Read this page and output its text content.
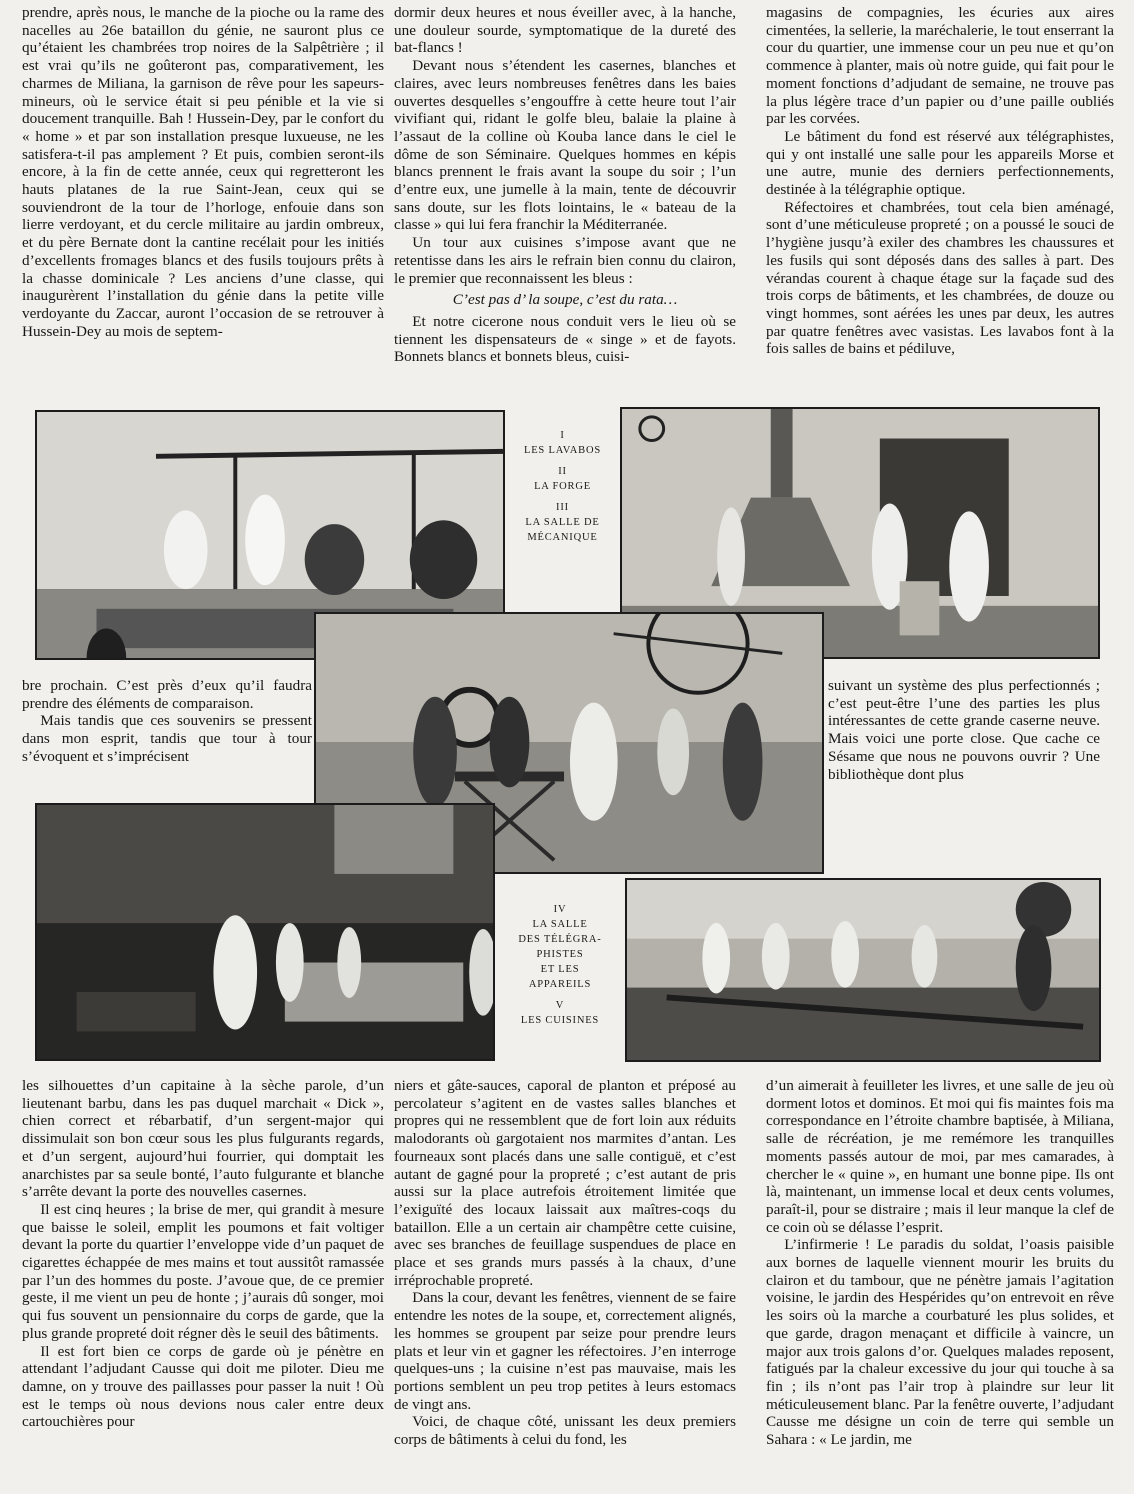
prendre, après nous, le manche de la pioche ou la rame des nacelles au 26e bataillon du génie, ne sauront plus ce qu’étaient les chambrées trop noires de la Salpêtrière ; il est vrai qu’ils ne goûteront pas, comparativement, les charmes de Miliana, la garnison de rêve pour les sapeurs-mineurs, où le service était si peu pénible et la vie si doucement tranquille. Bah ! Hussein-Dey, par le confort du « home » et par son installation presque luxueuse, ne les satisfera-t-il pas amplement ? Et puis, combien seront-ils encore, à la fin de cette année, ceux qui regretteront les hauts platanes de la rue Saint-Jean, ceux qui se souviendront de la tour de l’horloge, enfouie dans son lierre verdoyant, et du cercle militaire au jardin ombreux, et du père Bernate dont la cantine recélait pour les initiés d’excellents fromages blancs et des fusils toujours prêts à la chasse dominicale ? Les anciens d’une classe, qui inaugurèrent l’installation du génie dans la petite ville verdoyante du Zaccar, auront l’occasion de se retrouver à Hussein-Dey au mois de septem-

dormir deux heures et nous éveiller avec, à la hanche, une douleur sourde, symptomatique de la dureté des bat-flancs !

Devant nous s’étendent les casernes, blanches et claires, avec leurs nombreuses fenêtres dans les baies ouvertes desquelles s’engouffre à cette heure tout l’air vivifiant qui, ridant le golfe bleu, balaie la plaine à l’assaut de la colline où Kouba lance dans le ciel le dôme de son Séminaire. Quelques hommes en képis blancs prennent le frais avant la soupe du soir ; l’un d’entre eux, une jumelle à la main, tente de découvrir sans doute, sur les flots lointains, le « bateau de la classe » qui lui fera franchir la Méditerranée.

Un tour aux cuisines s’impose avant que ne retentisse dans les airs le refrain bien connu du clairon, le premier que reconnaissent les bleus :

C’est pas d’ la soupe, c’est du rata…

Et notre cicerone nous conduit vers le lieu où se tiennent les dispensateurs de « singe » et de fayots. Bonnets blancs et bonnets bleus, cuisi-

magasins de compagnies, les écuries aux aires cimentées, la sellerie, la maréchalerie, le tout enserrant la cour du quartier, une immense cour un peu nue et qu’on commence à planter, mais où notre guide, qui fait pour le moment fonctions d’adjudant de semaine, ne trouve pas la plus légère trace d’un papier ou d’une paille oubliés par les corvées.

Le bâtiment du fond est réservé aux télégraphistes, qui y ont installé une salle pour les appareils Morse et une autre, munie des derniers perfectionnements, destinée à la télégraphie optique.

Réfectoires et chambrées, tout cela bien aménagé, sont d’une méticuleuse propreté ; on a poussé le souci de l’hygiène jusqu’à exiler des chambres les chaussures et les fusils qui sont déposés dans des salles à part. Des vérandas courent à chaque étage sur la façade sud des trois corps de bâtiments, et les chambrées, de douze ou vingt hommes, sont aérées les unes par deux, les autres par quatre fenêtres avec vasistas. Les lavabos font à la fois salles de bains et pédiluve,

I
LES LAVABOS
II
LA FORGE
III
LA SALLE DE
MÉCANIQUE

bre prochain. C’est près d’eux qu’il faudra prendre des éléments de comparaison.

Mais tandis que ces souvenirs se pressent dans mon esprit, tandis que tour à tour s’évoquent et s’imprécisent

suivant un système des plus perfectionnés ; c’est peut-être l’une des parties les plus intéressantes de cette grande caserne neuve. Mais voici une porte close. Que cache ce Sésame que nous ne pouvons ouvrir ? Une bibliothèque dont plus

IV
LA SALLE
DES TÉLÉGRA-
PHISTES
ET LES
APPAREILS
V
LES CUISINES

les silhouettes d’un capitaine à la sèche parole, d’un lieutenant barbu, dans les pas duquel marchait « Dick », chien correct et rébarbatif, d’un sergent-major qui dissimulait son bon cœur sous les plus fulgurants regards, et d’un sergent, aujourd’hui fourrier, qui domptait les anarchistes par sa seule bonté, l’auto fulgurante et blanche s’arrête devant la porte des nouvelles casernes.

Il est cinq heures ; la brise de mer, qui grandit à mesure que baisse le soleil, emplit les poumons et fait voltiger devant la porte du quartier l’enveloppe vide d’un paquet de cigarettes échappée de mes mains et tout aussitôt ramassée par l’un des hommes du poste. J’avoue que, de ce premier geste, il me vient un peu de honte ; j’aurais dû songer, moi qui fus souvent un pensionnaire du corps de garde, que la plus grande propreté doit régner dès le seuil des bâtiments.

Il est fort bien ce corps de garde où je pénètre en attendant l’adjudant Causse qui doit me piloter. Dieu me damne, on y trouve des paillasses pour passer la nuit ! Où est le temps où nous devions nous caler entre deux cartouchières pour

niers et gâte-sauces, caporal de planton et préposé au percolateur s’agitent en de vastes salles blanches et propres qui ne ressemblent que de fort loin aux réduits malodorants où gargotaient nos marmites d’antan. Les fourneaux sont placés dans une salle contiguë, et c’est autant de gagné pour la propreté ; c’est autant de pris aussi sur la place autrefois étroitement limitée que l’exiguïté des locaux laissait aux maîtres-coqs du bataillon. Elle a un certain air champêtre cette cuisine, avec ses branches de feuillage suspendues de place en place et ses grands murs passés à la chaux, d’une irréprochable propreté.

Dans la cour, devant les fenêtres, viennent de se faire entendre les notes de la soupe, et, correctement alignés, les hommes se groupent par seize pour prendre leurs plats et leur vin et gagner les réfectoires. J’en interroge quelques-uns ; la cuisine n’est pas mauvaise, mais les portions semblent un peu trop petites à leurs estomacs de vingt ans.

Voici, de chaque côté, unissant les deux premiers corps de bâtiments à celui du fond, les

d’un aimerait à feuilleter les livres, et une salle de jeu où dorment lotos et dominos. Et moi qui fis maintes fois ma correspondance en l’étroite chambre baptisée, à Miliana, salle de récréation, je me remémore les tranquilles moments passés autour de moi, par mes camarades, à chercher le « quine », en humant une bonne pipe. Ils ont là, maintenant, un immense local et deux cents volumes, paraît-il, pour se distraire ; mais il leur manque la clef de ce coin où se délasse l’esprit.

L’infirmerie ! Le paradis du soldat, l’oasis paisible aux bornes de laquelle viennent mourir les bruits du clairon et du tambour, que ne pénètre jamais l’agitation voisine, le jardin des Hespérides qu’on entrevoit en rêve les soirs où la marche a courbaturé les plus solides, et que garde, dragon menaçant et difficile à vaincre, un major aux trois galons d’or. Quelques malades reposent, fatigués par la chaleur excessive du jour qui touche à sa fin ; ils n’ont pas l’air trop à plaindre sur leur lit méticuleusement blanc. Par la fenêtre ouverte, l’adjudant Causse me désigne un coin de terre qui semble un Sahara : « Le jardin, me
